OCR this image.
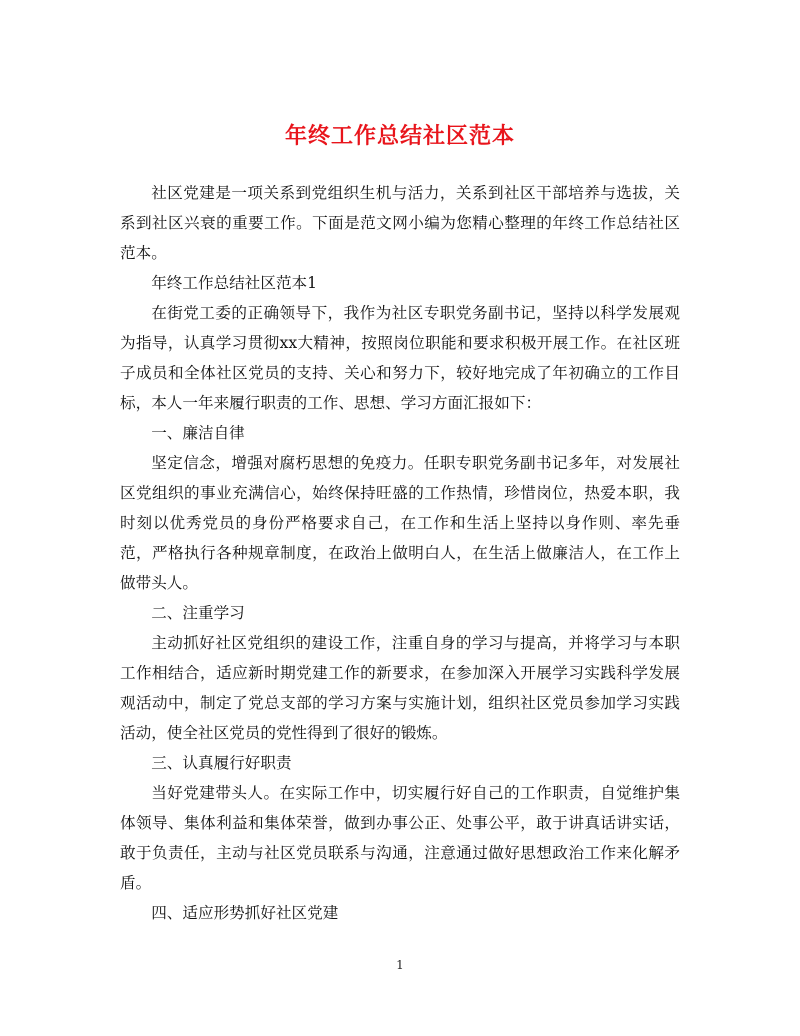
年终工作总结社区范本

社区党建是一项关系到党组织生机与活力，关系到社区干部培养与选拔，关系到社区兴衰的重要工作。下面是范文网小编为您精心整理的年终工作总结社区范本。

年终工作总结社区范本1

在街党工委的正确领导下，我作为社区专职党务副书记，坚持以科学发展观为指导，认真学习贯彻xx大精神，按照岗位职能和要求积极开展工作。在社区班子成员和全体社区党员的支持、关心和努力下，较好地完成了年初确立的工作目标，本人一年来履行职责的工作、思想、学习方面汇报如下：

一、廉洁自律

坚定信念，增强对腐朽思想的免疫力。任职专职党务副书记多年，对发展社区党组织的事业充满信心，始终保持旺盛的工作热情，珍惜岗位，热爱本职，我时刻以优秀党员的身份严格要求自己，在工作和生活上坚持以身作则、率先垂范，严格执行各种规章制度，在政治上做明白人，在生活上做廉洁人，在工作上做带头人。

二、注重学习

主动抓好社区党组织的建设工作，注重自身的学习与提高，并将学习与本职工作相结合，适应新时期党建工作的新要求，在参加深入开展学习实践科学发展观活动中，制定了党总支部的学习方案与实施计划，组织社区党员参加学习实践活动，使全社区党员的党性得到了很好的锻炼。

三、认真履行好职责

当好党建带头人。在实际工作中，切实履行好自己的工作职责，自觉维护集体领导、集体利益和集体荣誉，做到办事公正、处事公平，敢于讲真话讲实话，敢于负责任，主动与社区党员联系与沟通，注意通过做好思想政治工作来化解矛盾。

四、适应形势抓好社区党建

1
